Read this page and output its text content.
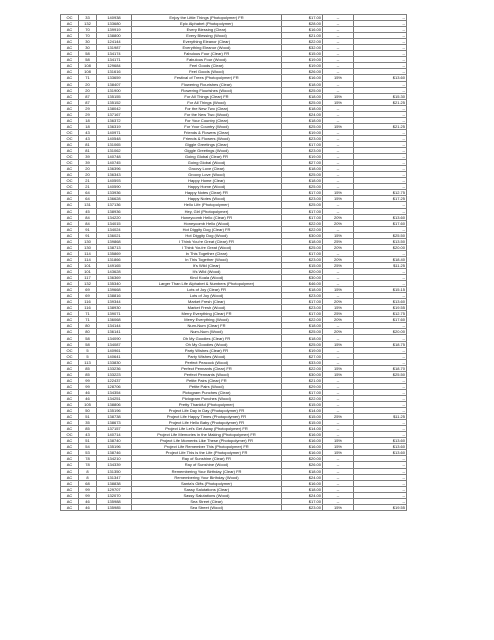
OC	33	140938	Enjoy the Little Things (Photopolymer) FR	$17.00	--	--
AC	132	133680	Epic Alphabet (Photopolymer)	$28.00	--	--
AC	70	139919	Every Blessing (Clear)	$16.00	--	--
AC	70	138800	Every Blessing (Wood)	$21.00	--	--
AC	30	124144	Everything Eleanor (Clear)	$22.00	--	--
AC	30	131987	Everything Eleanor (Wood)	$32.00	--	--
AC	58	134174	Fabulous Four (Clear) FR	$15.00	--	--
AC	58	134171	Fabulous Four (Wood)	$19.00	--	--
AC	108	129684	Feel Goods (Clear)	$19.00	--	--
AC	108	131616	Feel Goods (Wood)	$26.00	--	--
AC	71	133659	Festival of Trees (Photopolymer) FR	$16.00	15%	$13.60
AC	20	138407	Flowering Flourishes (Clear)	$18.00	--	--
AC	20	131900	Flowering Flourishes (Wood)	$25.00	--	--
AC	87	135155	For All Things (Clear) FR	$18.00	15%	$15.30
AC	87	135152	For All Things (Wood)	$25.00	15%	$21.25
AC	29	138042	For the New Two (Clear)	$18.00	--	--
AC	29	137167	For the New Two (Wood)	$24.00	--	--
AC	18	136372	For Your Country (Clear)	$18.00	--	--
AC	18	136319	For Your Country (Wood)	$25.00	15%	$21.25
OC	43	140971	Friends & Flowers (Clear)	$19.00	--	--
OC	43	140548	Friends & Flowers (Wood)	$23.00	--	--
AC	81	131065	Giggle Greetings (Clear)	$17.00	--	--
AC	81	131062	Giggle Greetings (Wood)	$23.00	--	--
OC	39	140748	Going Global (Clear) FR	$19.00	--	--
OC	39	140745	Going Global (Wood)	$27.00	--	--
AC	20	136396	Groovy Love (Clear)	$18.00	--	--
AC	20	136343	Groovy Love (Wood)	$25.00	--	--
OC	21	140593	Happy Home (Clear)	$18.00	--	--
OC	21	140590	Happy Home (Wood)	$25.00	--	--
AC	64	133936	Happy Notes (Clear) FR	$17.00	15%	$12.75
AC	64	136628	Happy Notes (Wood)	$23.00	15%	$17.25
AC	131	137136	Hello Life (Photopolymer)	$25.00	--	--
AC	45	138936	Hey, Girl (Photopolymer)	$17.00	--	--
AC	84	134220	Honeycomb Hello (Clear) FR	$17.00	20%	$13.60
AC	84	134015	Honeycomb Hello (Wood)	$22.00	20%	$17.60
AC	91	134024	Hot Diggity Dog (Clear) FR	$22.00	--	--
AC	91	136021	Hot Diggity Dog (Wood)	$30.00	15%	$25.50
AC	130	139868	I Think You're Great (Clear) FR	$18.00	25%	$13.50
AC	130	138713	I Think You're Great (Wood)	$25.00	20%	$20.00
AC	114	135869	In This Together (Clear)	$17.00	--	--
AC	114	131866	In This Together (Wood)	$23.00	20%	$18.40
AC	101	149165	It's Wild (Clear)	$15.00	25%	$11.25
AC	101	143628	It's Wild (Wood)	$20.00	--	--
AC	117	136369	Kind Koala (Wood)	$30.00	--	--
AC	132	135340	Larger Than Life Alphabet & Numbers (Photopolymer)	$46.00	--	--
AC	69	139668	Lots of Joy (Clear) FR	$18.00	15%	$15.15
AC	69	138816	Lots of Joy (Wood)	$23.00	--	--
AC	116	139344	Market Fresh (Clear)	$17.00	20%	$13.60
AC	116	138930	Market Fresh (Wood)	$23.00	15%	$19.55
AC	71	139071	Merry Everything (Clear) FR	$17.00	25%	$12.75
AC	71	136068	Merry Everything (Wood)	$22.00	20%	$17.60
AC	80	134144	Num-Num (Clear) FR	$18.00	--	--
AC	80	136141	Num-Num (Wood)	$25.00	20%	$20.00
AC	58	134090	Oh My Goodies (Clear) FR	$18.00	--	--
AC	58	134087	Oh My Goodies (Wood)	$25.00	15%	$18.75
OC	5	140961	Party Wishes (Clear) FR	$19.00	--	--
OC	5	140641	Party Wishes (Wood)	$27.00	--	--
AC	113	133830	Perfect Peacock (Wood)	$33.00	--	--
AC	85	133236	Perfect Pennants (Clear) FR	$22.00	15%	$18.70
AC	85	133223	Perfect Pennants (Wood)	$30.00	15%	$25.50
AC	99	122437	Petite Pairs (Clear) FR	$21.00	--	--
AC	99	128706	Petite Pairs (Wood)	$29.00	--	--
AC	46	134354	Pictogram Punches (Clear)	$17.00	--	--
AC	46	134251	Pictogram Punches (Wood)	$22.00	--	--
AC	105	138806	Pretty Thankful (Photopolymer)	$15.00	--	--
AC	50	135196	Project Life Day in Day (Photopolymer) FR	$14.00	--	--
AC	51	138738	Project Life Happy Times (Photopolymer) FR	$15.00	25%	$11.25
AC	35	138673	Project Life Hello Baby (Photopolymer) FR	$15.00	--	--
AC	85	137157	Project Life Let's Get Away (Photopolymer) FR	$14.00	--	--
OC	43	140714	Project Life Memories in the Making (Photopolymer) FR	$16.00	--	--
AC	51	138740	Project Life Moments Like These (Photopolymer) FR	$16.00	15%	$13.60
AC	54	135196	Project Life Remember This (Photopolymer) FR	$16.00	15%	$13.60
AC	53	138746	Project Life This is the Life (Photopolymer) FR	$16.00	15%	$13.60
AC	78	134210	Ray of Sunshine (Clear) FR	$20.00	--	--
AC	78	134339	Ray of Sunshine (Wood)	$26.00	--	--
AC	8	131350	Remembering Your Birthday (Clear) FR	$18.00	--	--
AC	8	131347	Remembering Your Birthday (Wood)	$24.00	--	--
AC	68	138838	Santa's Gifts (Photopolymer)	$16.00	--	--
AC	99	129707	Sassy Salutations (Clear)	$18.00	--	--
AC	99	132070	Sassy Salutations (Wood)	$24.00	--	--
AC	46	135988	Sea Street (Clear)	$17.00	--	--
AC	46	135985	Sea Street (Wood)	$23.00	15%	$19.55
